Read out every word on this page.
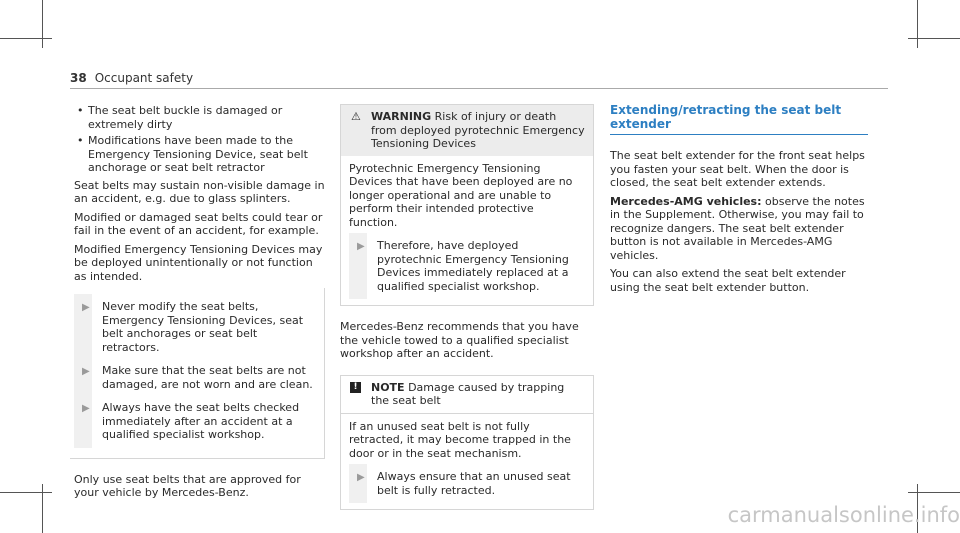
38 Occupant safety
• The seat belt buckle is damaged or extremely dirty
• Modifications have been made to the Emergency Tensioning Device, seat belt anchorage or seat belt retractor

Seat belts may sustain non-visible damage in an accident, e.g. due to glass splinters.

Modified or damaged seat belts could tear or fail in the event of an accident, for example.

Modified Emergency Tensioning Devices may be deployed unintentionally or not function as intended.

▶ Never modify the seat belts, Emergency Tensioning Devices, seat belt anchorages or seat belt retractors.
▶ Make sure that the seat belts are not damaged, are not worn and are clean.
▶ Always have the seat belts checked immediately after an accident at a qualified specialist workshop.

Only use seat belts that are approved for your vehicle by Mercedes-Benz.

⚠ WARNING Risk of injury or death from deployed pyrotechnic Emergency Tensioning Devices

Pyrotechnic Emergency Tensioning Devices that have been deployed are no longer operational and are unable to perform their intended protective function.

▶ Therefore, have deployed pyrotechnic Emergency Tensioning Devices immediately replaced at a qualified specialist workshop.

Mercedes-Benz recommends that you have the vehicle towed to a qualified specialist workshop after an accident.

!	NOTE Damage caused by trapping the seat belt

If an unused seat belt is not fully retracted, it may become trapped in the door or in the seat mechanism.

▶ Always ensure that an unused seat belt is fully retracted.
Extending/retracting the seat belt extender

The seat belt extender for the front seat helps you fasten your seat belt. When the door is closed, the seat belt extender extends.

Mercedes-AMG vehicles: observe the notes in the Supplement. Otherwise, you may fail to recognize dangers. The seat belt extender button is not available in Mercedes-AMG vehicles.

You can also extend the seat belt extender using the seat belt extender button.

carmanualsonline.info
